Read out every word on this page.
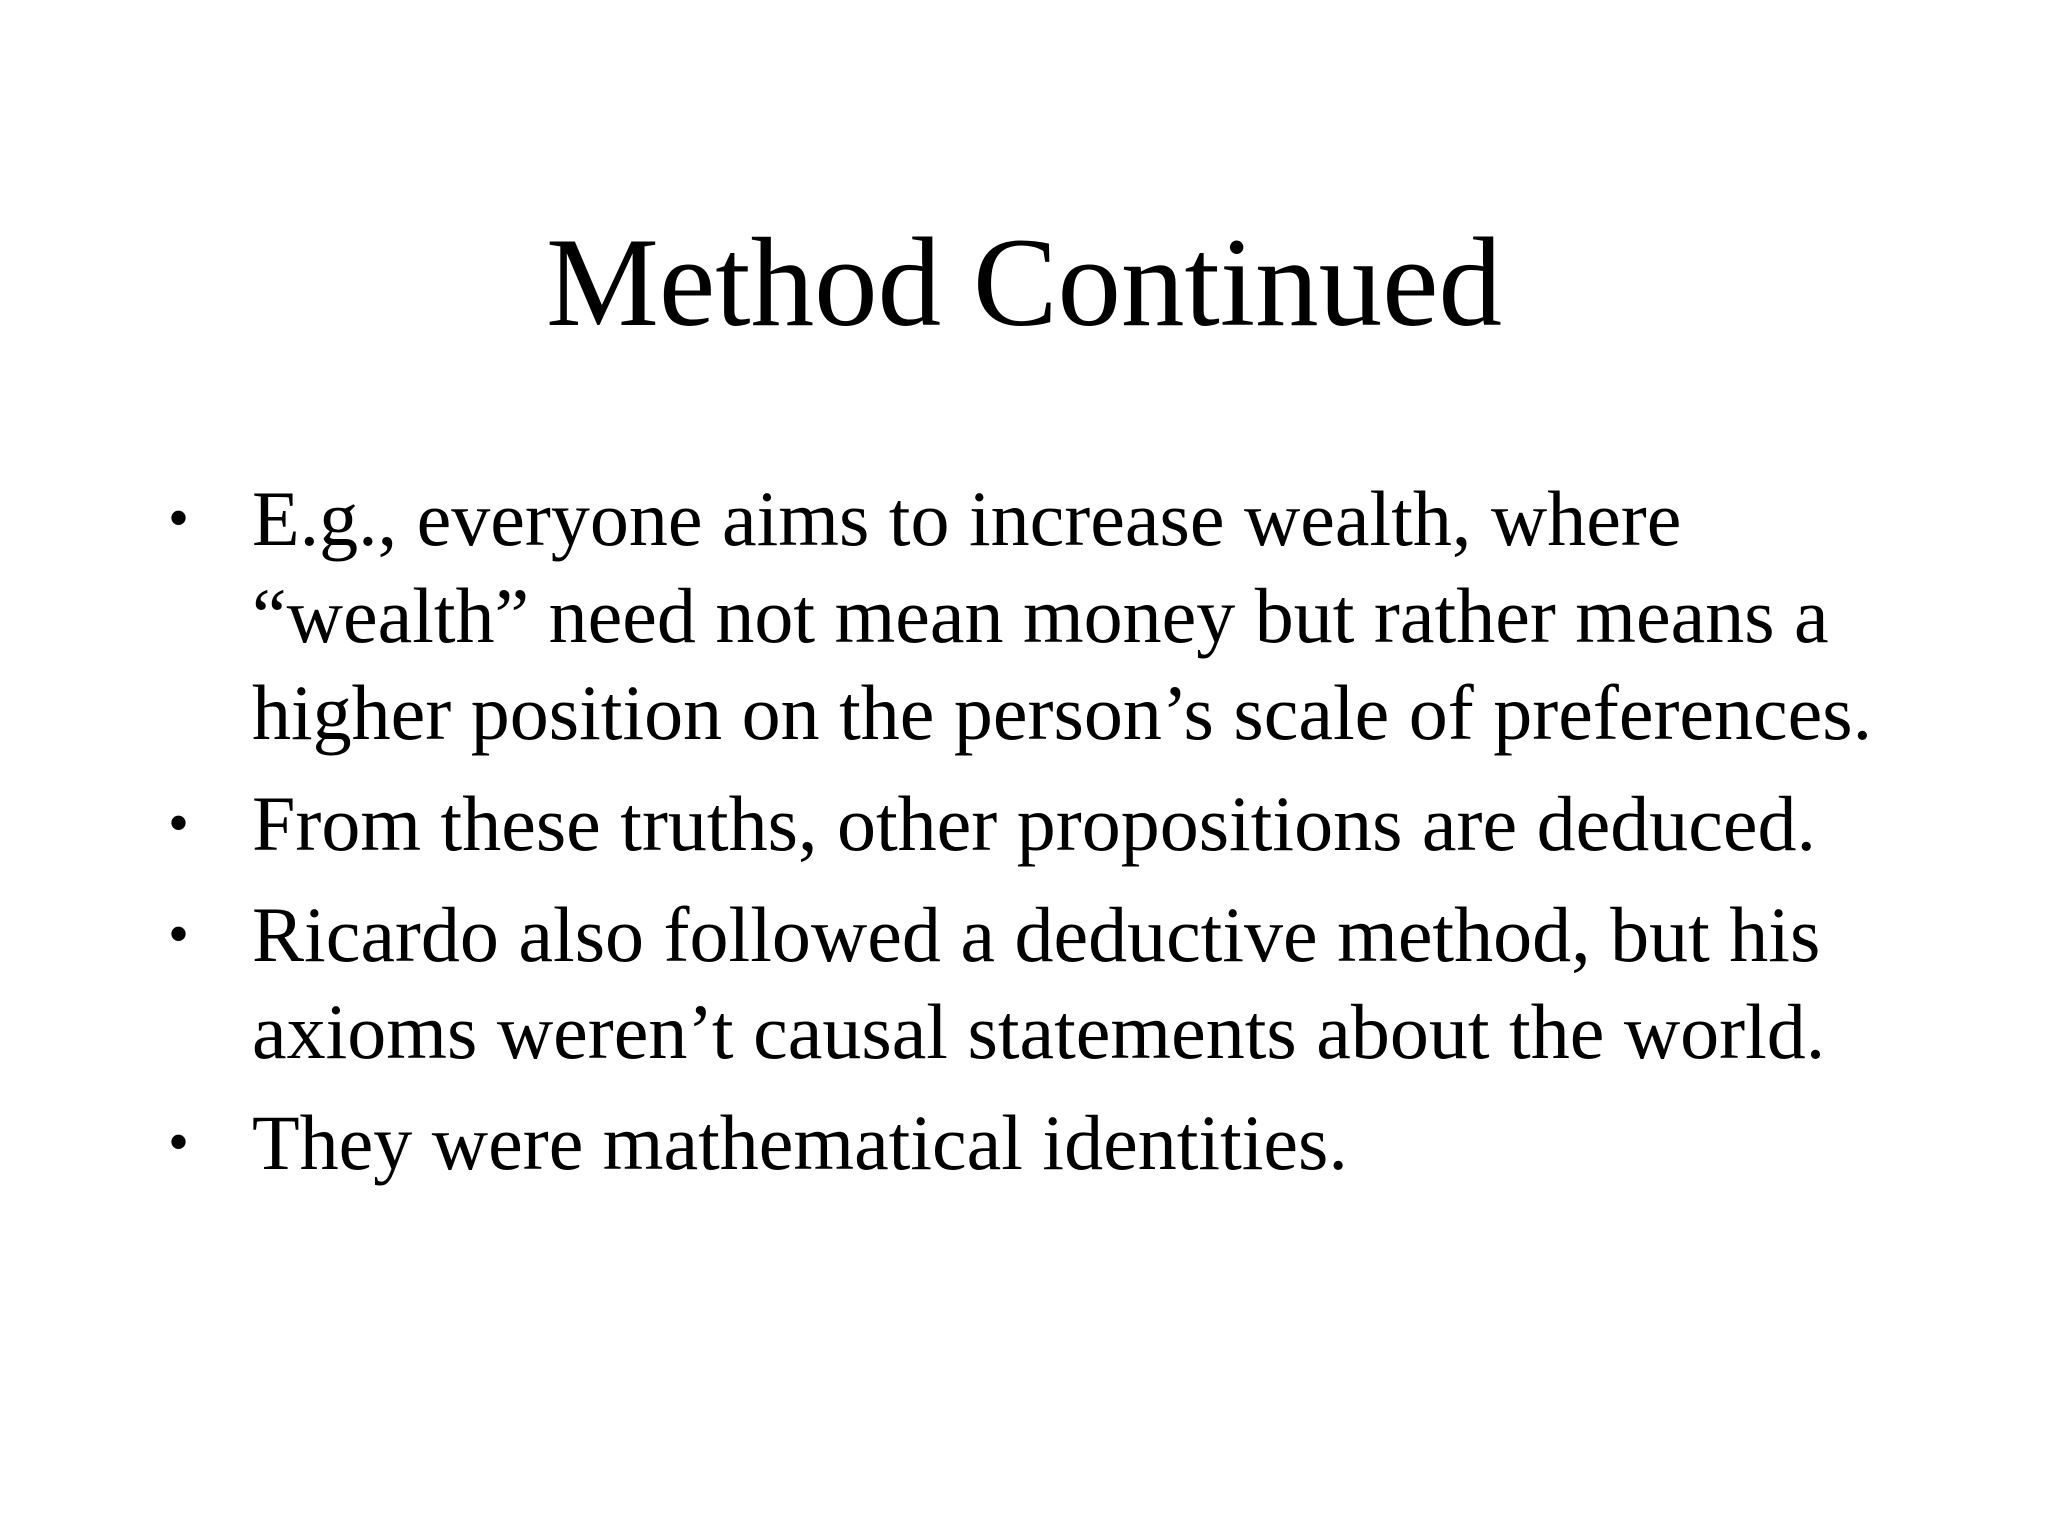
Method Continued
• E.g., everyone aims to increase wealth, where “wealth” need not mean money but rather means a higher position on the person’s scale of preferences.
• From these truths, other propositions are deduced.
• Ricardo also followed a deductive method, but his axioms weren’t causal statements about the world.
• They were mathematical identities.
